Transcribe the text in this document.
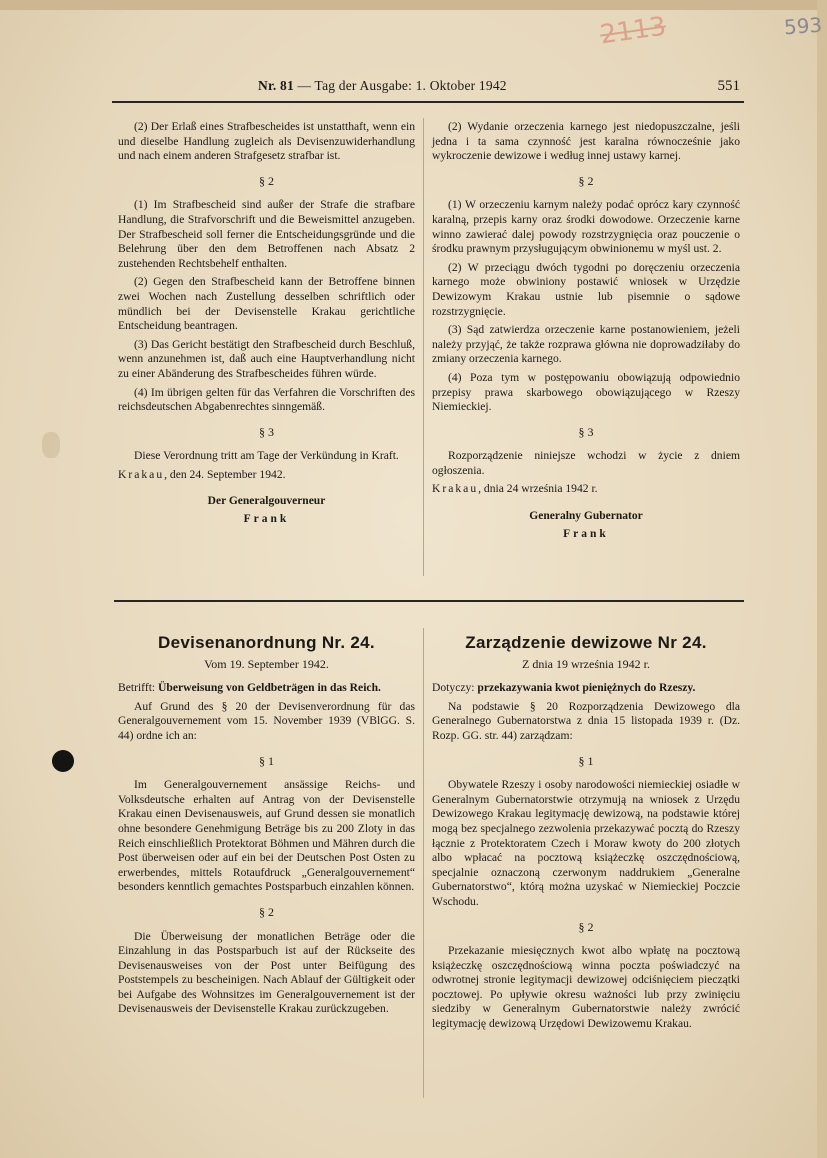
593
2113
Nr. 81 — Tag der Ausgabe: 1. Oktober 1942	551

(2) Der Erlaß eines Strafbescheides ist unstatthaft, wenn ein und dieselbe Handlung zugleich als Devisenzuwiderhandlung und nach einem anderen Strafgesetz strafbar ist.

§ 2

(1) Im Strafbescheid sind außer der Strafe die strafbare Handlung, die Strafvorschrift und die Beweismittel anzugeben. Der Strafbescheid soll ferner die Entscheidungsgründe und die Belehrung über den dem Betroffenen nach Absatz 2 zustehenden Rechtsbehelf enthalten.

(2) Gegen den Strafbescheid kann der Betroffene binnen zwei Wochen nach Zustellung desselben schriftlich oder mündlich bei der Devisenstelle Krakau gerichtliche Entscheidung beantragen.

(3) Das Gericht bestätigt den Strafbescheid durch Beschluß, wenn anzunehmen ist, daß auch eine Hauptverhandlung nicht zu einer Abänderung des Strafbescheides führen würde.

(4) Im übrigen gelten für das Verfahren die Vorschriften des reichsdeutschen Abgabenrechtes sinngemäß.

§ 3

Diese Verordnung tritt am Tage der Verkündung in Kraft.

Krakau, den 24. September 1942.

Der Generalgouverneur
Frank

(2) Wydanie orzeczenia karnego jest niedopuszczalne, jeśli jedna i ta sama czynność jest karalna równocześnie jako wykroczenie dewizowe i według innej ustawy karnej.

§ 2

(1) W orzeczeniu karnym należy podać oprócz kary czynność karalną, przepis karny oraz środki dowodowe. Orzeczenie karne winno zawierać dalej powody rozstrzygnięcia oraz pouczenie o środku prawnym przysługującym obwinionemu w myśl ust. 2.

(2) W przeciągu dwóch tygodni po doręczeniu orzeczenia karnego może obwiniony postawić wniosek w Urzędzie Dewizowym Krakau ustnie lub pisemnie o sądowe rozstrzygnięcie.

(3) Sąd zatwierdza orzeczenie karne postanowieniem, jeżeli należy przyjąć, że także rozprawa główna nie doprowadziłaby do zmiany orzeczenia karnego.

(4) Poza tym w postępowaniu obowiązują odpowiednio przepisy prawa skarbowego obowiązującego w Rzeszy Niemieckiej.

§ 3

Rozporządzenie niniejsze wchodzi w życie z dniem ogłoszenia.

Krakau, dnia 24 września 1942 r.

Generalny Gubernator
Frank
Devisenanordnung Nr. 24.
Vom 19. September 1942.

Betrifft: Überweisung von Geldbeträgen in das Reich.

Auf Grund des § 20 der Devisenverordnung für das Generalgouvernement vom 15. November 1939 (VBlGG. S. 44) ordne ich an:

§ 1

Im Generalgouvernement ansässige Reichs- und Volksdeutsche erhalten auf Antrag von der Devisenstelle Krakau einen Devisenausweis, auf Grund dessen sie monatlich ohne besondere Genehmigung Beträge bis zu 200 Zloty in das Reich einschließlich Protektorat Böhmen und Mähren durch die Post überweisen oder auf ein bei der Deutschen Post Osten zu erwerbendes, mittels Rotaufdruck „Generalgouvernement“ besonders kenntlich gemachtes Postsparbuch einzahlen können.

§ 2

Die Überweisung der monatlichen Beträge oder die Einzahlung in das Postsparbuch ist auf der Rückseite des Devisenausweises von der Post unter Beifügung des Poststempels zu bescheinigen. Nach Ablauf der Gültigkeit oder bei Aufgabe des Wohnsitzes im Generalgouvernement ist der Devisenausweis der Devisenstelle Krakau zurückzugeben.

Zarządzenie dewizowe Nr 24.
Z dnia 19 września 1942 r.

Dotyczy: przekazywania kwot pieniężnych do Rzeszy.

Na podstawie § 20 Rozporządzenia Dewizowego dla Generalnego Gubernatorstwa z dnia 15 listopada 1939 r. (Dz. Rozp. GG. str. 44) zarządzam:

§ 1

Obywatele Rzeszy i osoby narodowości niemieckiej osiadłe w Generalnym Gubernatorstwie otrzymują na wniosek z Urzędu Dewizowego Krakau legitymację dewizową, na podstawie której mogą bez specjalnego zezwolenia przekazywać pocztą do Rzeszy łącznie z Protektoratem Czech i Moraw kwoty do 200 złotych albo wpłacać na pocztową książeczkę oszczędnościową, specjalnie oznaczoną czerwonym naddrukiem „Generalne Gubernatorstwo“, którą można uzyskać w Niemieckiej Poczcie Wschodu.

§ 2

Przekazanie miesięcznych kwot albo wpłatę na pocztową książeczkę oszczędnościową winna poczta poświadczyć na odwrotnej stronie legitymacji dewizowej odciśnięciem pieczątki pocztowej. Po upływie okresu ważności lub przy zwinięciu siedziby w Generalnym Gubernatorstwie należy zwrócić legitymację dewizową Urzędowi Dewizowemu Krakau.
